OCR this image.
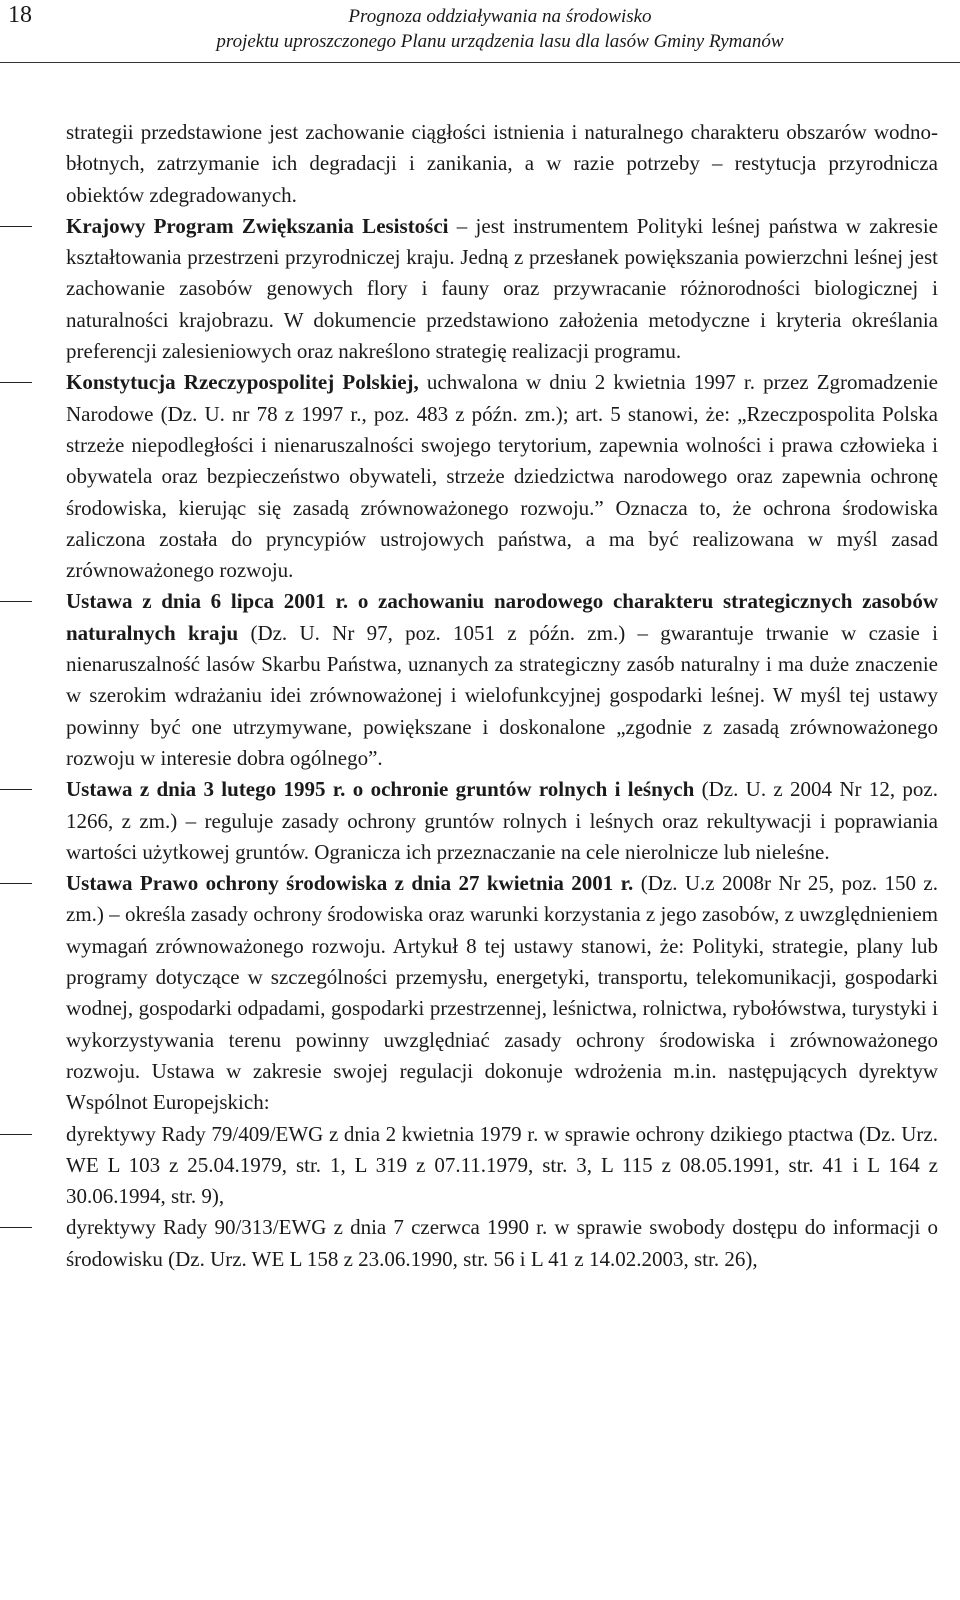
18	Prognoza oddziaływania na środowisko
projektu uproszczonego Planu urządzenia lasu dla lasów Gminy Rymanów

strategii przedstawione jest zachowanie ciągłości istnienia i naturalnego charakteru obszarów wodno-błotnych, zatrzymanie ich degradacji i zanikania, a w razie potrzeby – restytucja przyrodnicza obiektów zdegradowanych.

Krajowy Program Zwiększania Lesistości – jest instrumentem Polityki leśnej państwa w zakresie kształtowania przestrzeni przyrodniczej kraju. Jedną z przesłanek powiększania powierzchni leśnej jest zachowanie zasobów genowych flory i fauny oraz przywracanie różnorodności biologicznej i naturalności krajobrazu. W dokumencie przedstawiono założenia metodyczne i kryteria określania preferencji zalesieniowych oraz nakreślono strategię realizacji programu.

Konstytucja Rzeczypospolitej Polskiej, uchwalona w dniu 2 kwietnia 1997 r. przez Zgromadzenie Narodowe (Dz. U. nr 78 z 1997 r., poz. 483 z późn. zm.); art. 5 stanowi, że: „Rzeczpospolita Polska strzeże niepodległości i nienaruszalności swojego terytorium, zapewnia wolności i prawa człowieka i obywatela oraz bezpieczeństwo obywateli, strzeże dziedzictwa narodowego oraz zapewnia ochronę środowiska, kierując się zasadą zrównoważonego rozwoju.” Oznacza to, że ochrona środowiska zaliczona została do pryncypiów ustrojowych państwa, a ma być realizowana w myśl zasad zrównoważonego rozwoju.

Ustawa z dnia 6 lipca 2001 r. o zachowaniu narodowego charakteru strategicznych zasobów naturalnych kraju (Dz. U. Nr 97, poz. 1051 z późn. zm.) – gwarantuje trwanie w czasie i nienaruszalność lasów Skarbu Państwa, uznanych za strategiczny zasób naturalny i ma duże znaczenie w szerokim wdrażaniu idei zrównoważonej i wielofunkcyjnej gospodarki leśnej. W myśl tej ustawy powinny być one utrzymywane, powiększane i doskonalone „zgodnie z zasadą zrównoważonego rozwoju w interesie dobra ogólnego”.

Ustawa z dnia 3 lutego 1995 r. o ochronie gruntów rolnych i leśnych (Dz. U. z 2004 Nr 12, poz. 1266, z zm.) – reguluje zasady ochrony gruntów rolnych i leśnych oraz rekultywacji i poprawiania wartości użytkowej gruntów. Ogranicza ich przeznaczanie na cele nierolnicze lub nieleśne.

Ustawa Prawo ochrony środowiska z dnia 27 kwietnia 2001 r. (Dz. U.z 2008r Nr 25, poz. 150 z. zm.) – określa zasady ochrony środowiska oraz warunki korzystania z jego zasobów, z uwzględnieniem wymagań zrównoważonego rozwoju. Artykuł 8 tej ustawy stanowi, że: Polityki, strategie, plany lub programy dotyczące w szczególności przemysłu, energetyki, transportu, telekomunikacji, gospodarki wodnej, gospodarki odpadami, gospodarki przestrzennej, leśnictwa, rolnictwa, rybołówstwa, turystyki i wykorzystywania terenu powinny uwzględniać zasady ochrony środowiska i zrównoważonego rozwoju. Ustawa w zakresie swojej regulacji dokonuje wdrożenia m.in. następujących dyrektyw Wspólnot Europejskich:

dyrektywy Rady 79/409/EWG z dnia 2 kwietnia 1979 r. w sprawie ochrony dzikiego ptactwa (Dz. Urz. WE L 103 z 25.04.1979, str. 1, L 319 z 07.11.1979, str. 3, L 115 z 08.05.1991, str. 41 i L 164 z 30.06.1994, str. 9),

dyrektywy Rady 90/313/EWG z dnia 7 czerwca 1990 r. w sprawie swobody dostępu do informacji o środowisku (Dz. Urz. WE L 158 z 23.06.1990, str. 56 i L 41 z 14.02.2003, str. 26),
